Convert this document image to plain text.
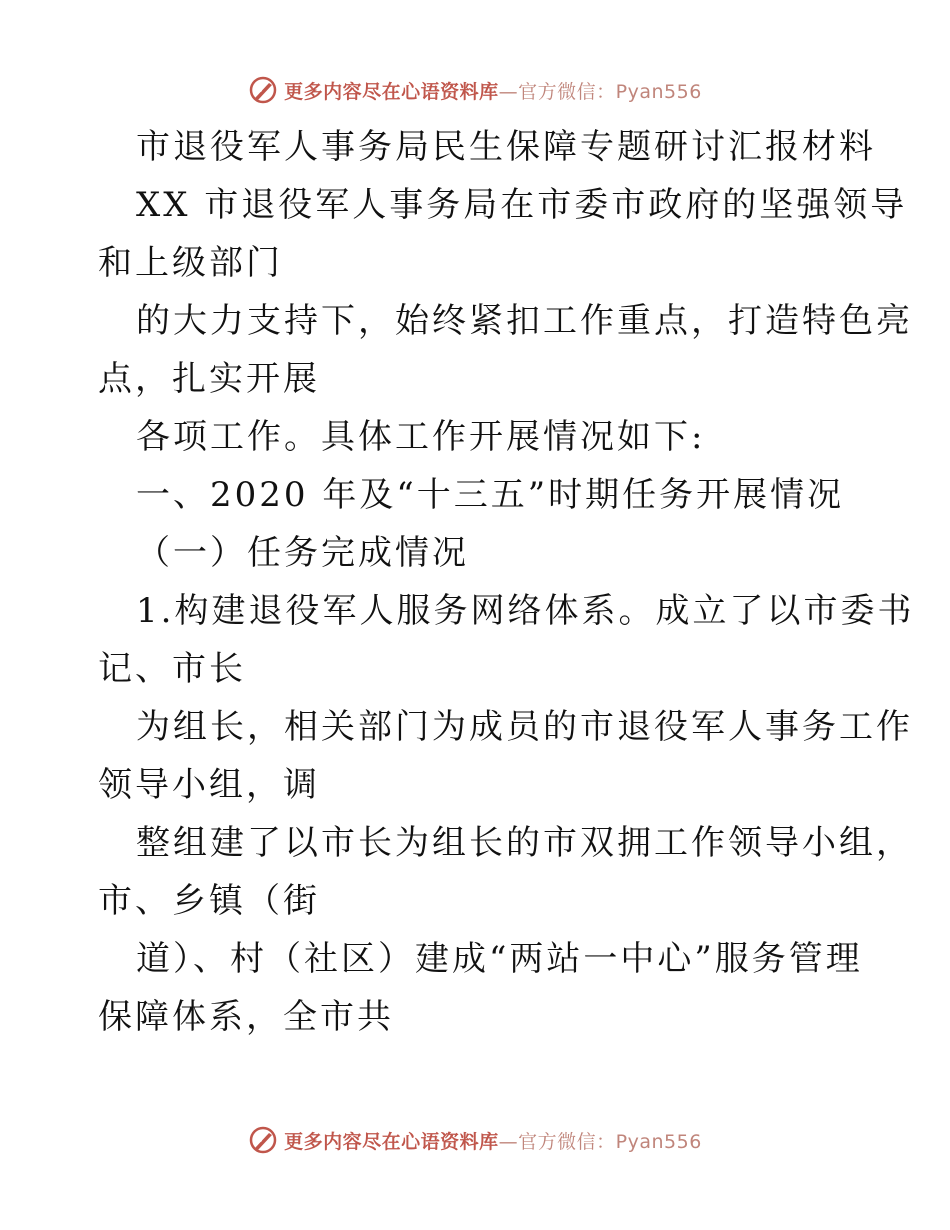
更多内容尽在心语资料库—官方微信：Pyan556
市退役军人事务局民生保障专题研讨汇报材料
XX 市退役军人事务局在市委市政府的坚强领导
和上级部门
的大力支持下，始终紧扣工作重点，打造特色亮
点，扎实开展
各项工作。具体工作开展情况如下:
一、2020 年及“十三五”时期任务开展情况
（一）任务完成情况
1.构建退役军人服务网络体系。成立了以市委书
记、市长
为组长，相关部门为成员的市退役军人事务工作
领导小组，调
整组建了以市长为组长的市双拥工作领导小组，
市、乡镇（街
道）、村（社区）建成“两站一中心”服务管理
保障体系，全市共
更多内容尽在心语资料库—官方微信：Pyan556
